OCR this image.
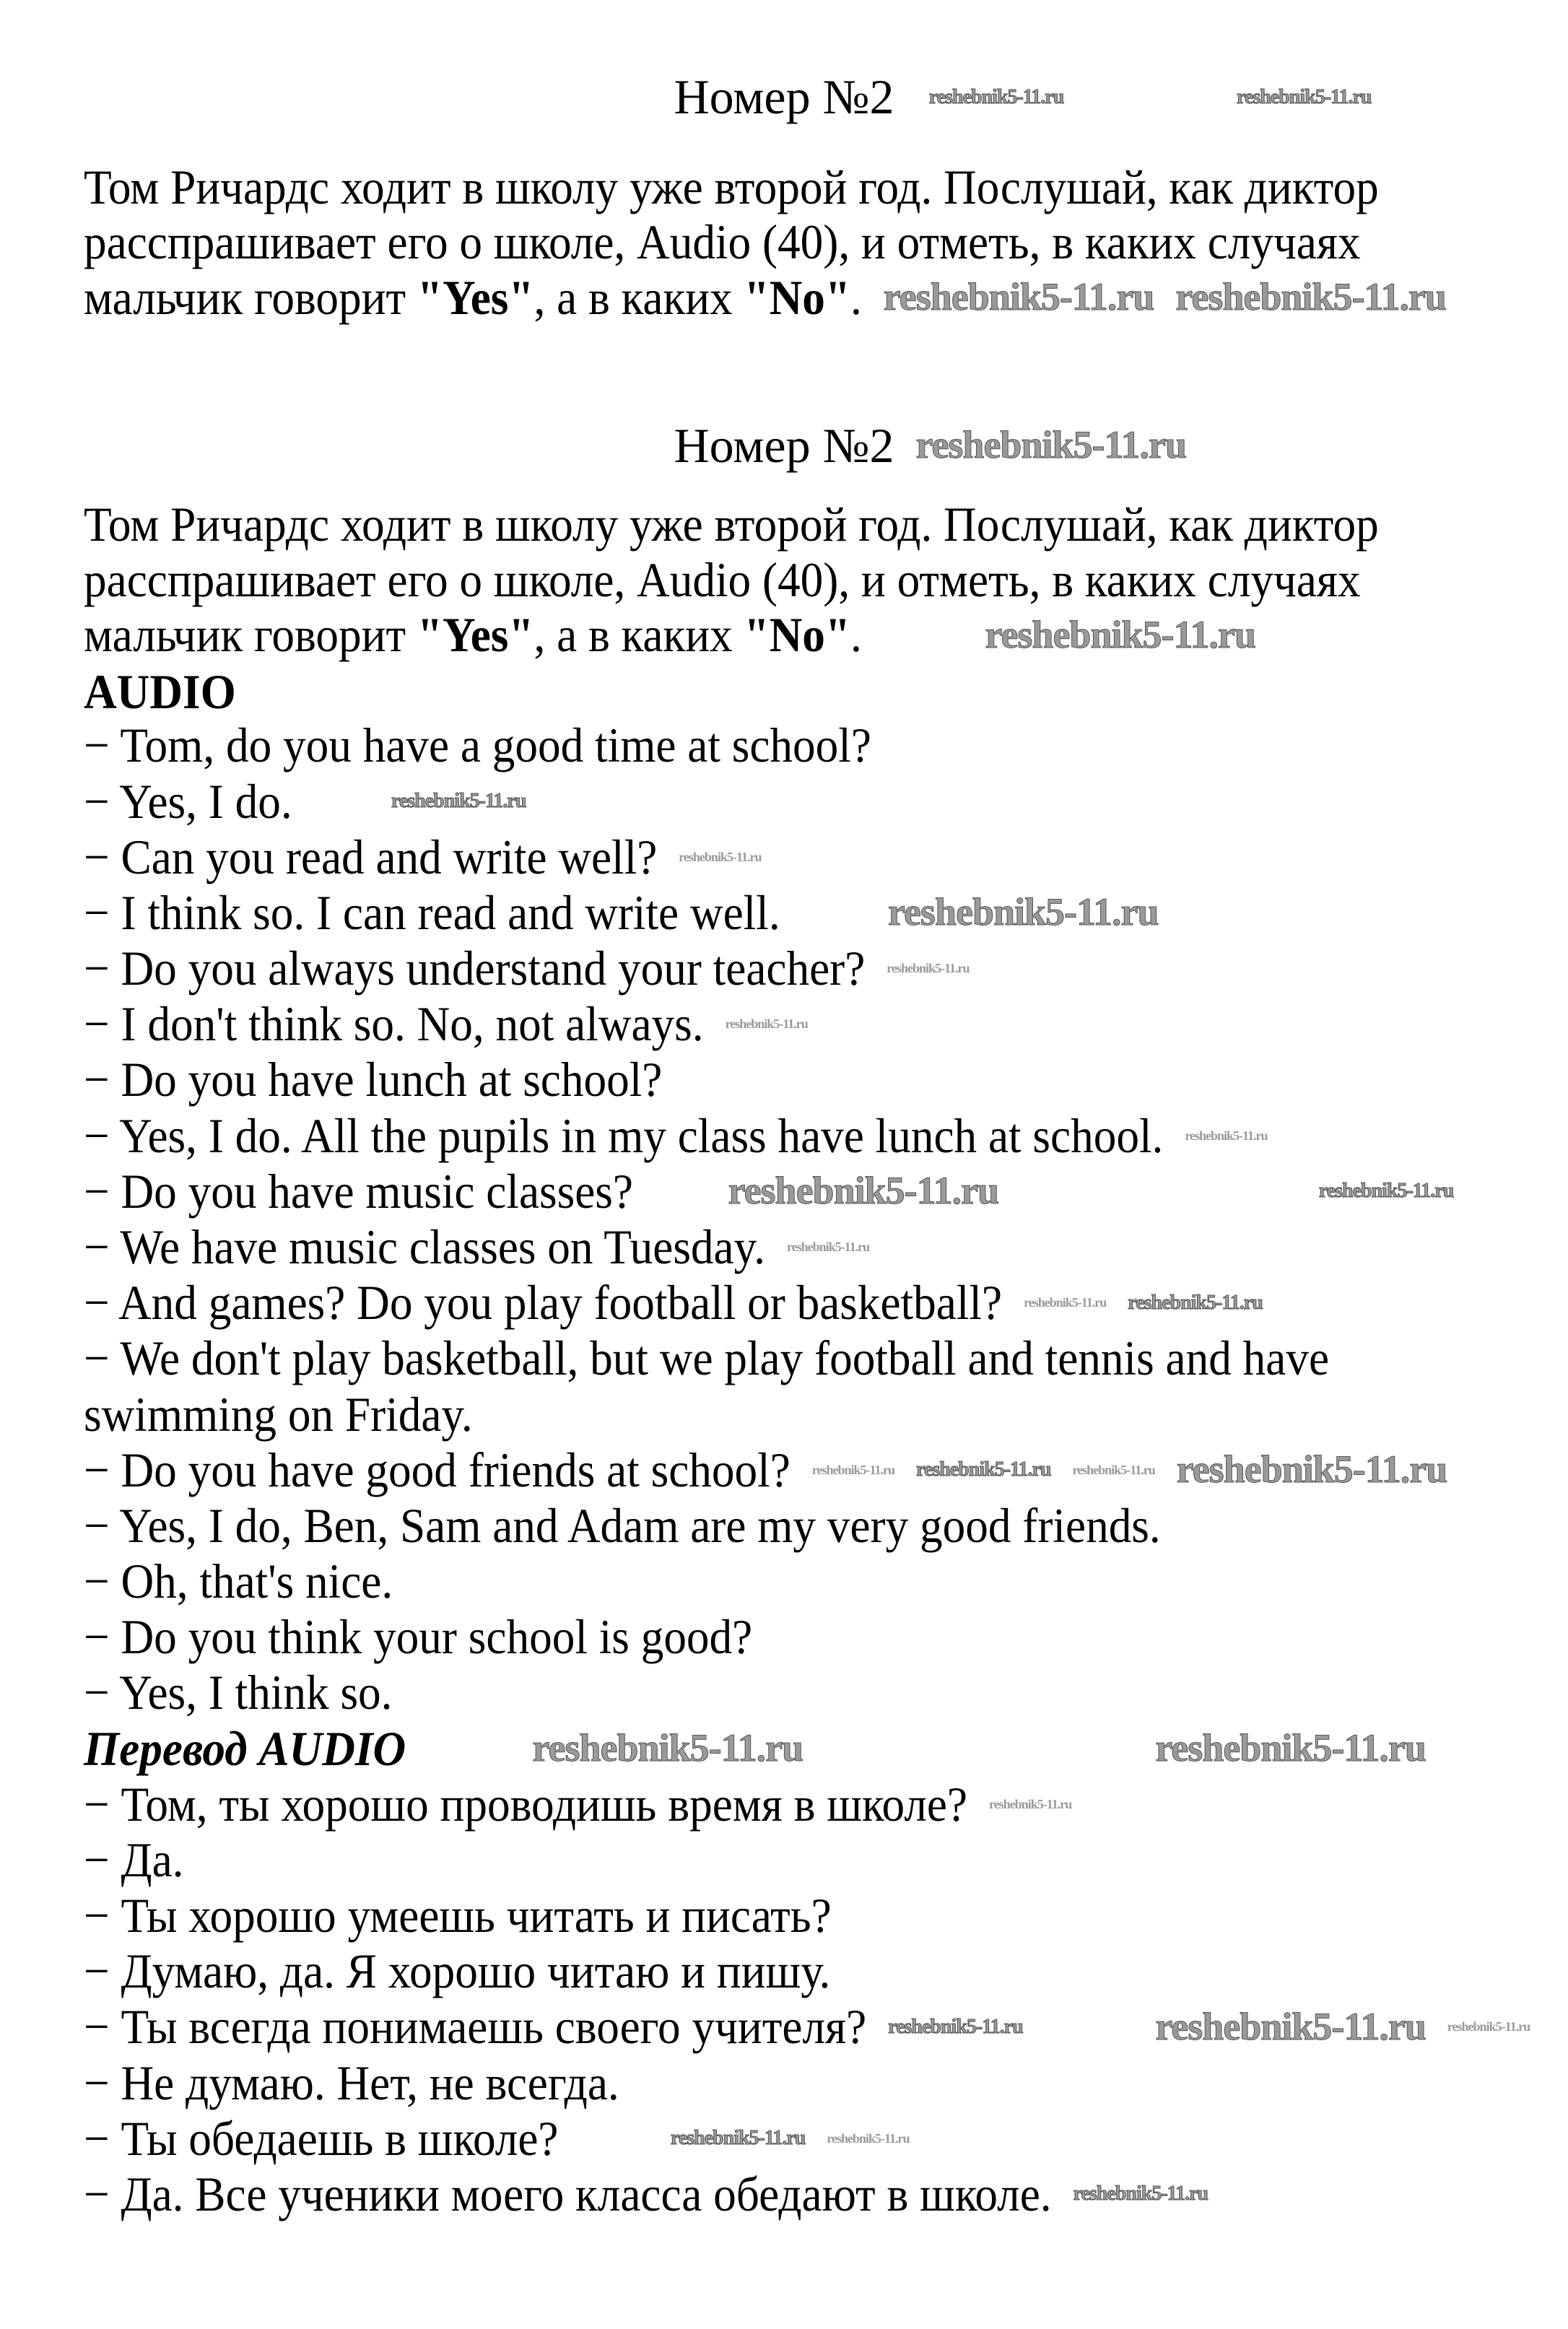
Номер №2
Том Ричардс ходит в школу уже второй год. Послушай, как диктор
расспрашивает его о школе, Audio (40), и отметь, в каких случаях
мальчик говорит "Yes", а в каких "No".
Номер №2
Том Ричардс ходит в школу уже второй год. Послушай, как диктор
расспрашивает его о школе, Audio (40), и отметь, в каких случаях
мальчик говорит "Yes", а в каких "No".
AUDIO
− Tom, do you have a good time at school?
− Yes, I do.
− Can you read and write well?
− I think so. I can read and write well.
− Do you always understand your teacher?
− I don't think so. No, not always.
− Do you have lunch at school?
− Yes, I do. All the pupils in my class have lunch at school.
− Do you have music classes?
− We have music classes on Tuesday.
− And games? Do you play football or basketball?
− We don't play basketball, but we play football and tennis and have
swimming on Friday.
− Do you have good friends at school?
− Yes, I do, Ben, Sam and Adam are my very good friends.
− Oh, that's nice.
− Do you think your school is good?
− Yes, I think so.
Перевод AUDIO
− Том, ты хорошо проводишь время в школе?
− Да.
− Ты хорошо умеешь читать и писать?
− Думаю, да. Я хорошо читаю и пишу.
− Ты всегда понимаешь своего учителя?
− Не думаю. Нет, не всегда.
− Ты обедаешь в школе?
− Да. Все ученики моего класса обедают в школе.
reshebnik5-11.ru	reshebnik5-11.ru
reshebnik5-11.ru reshebnik5-11.ru
reshebnik5-11.ru
reshebnik5-11.ru
reshebnik5-11.ru
reshebnik5-11.ru
reshebnik5-11.ru
reshebnik5-11.ru
reshebnik5-11.ru
reshebnik5-11.ru	reshebnik5-11.ru
reshebnik5-11.ru
reshebnik5-11.ru
reshebnik5-11.ru reshebnik5-11.ru
reshebnik5-11.ru reshebnik5-11.ru reshebnik5-11.ru reshebnik5-11.ru
reshebnik5-11.ru	reshebnik5-11.ru
reshebnik5-11.ru
reshebnik5-11.ru	reshebnik5-11.ru reshebnik5-11.ru
reshebnik5-11.ru reshebnik5-11.ru
reshebnik5-11.ru
